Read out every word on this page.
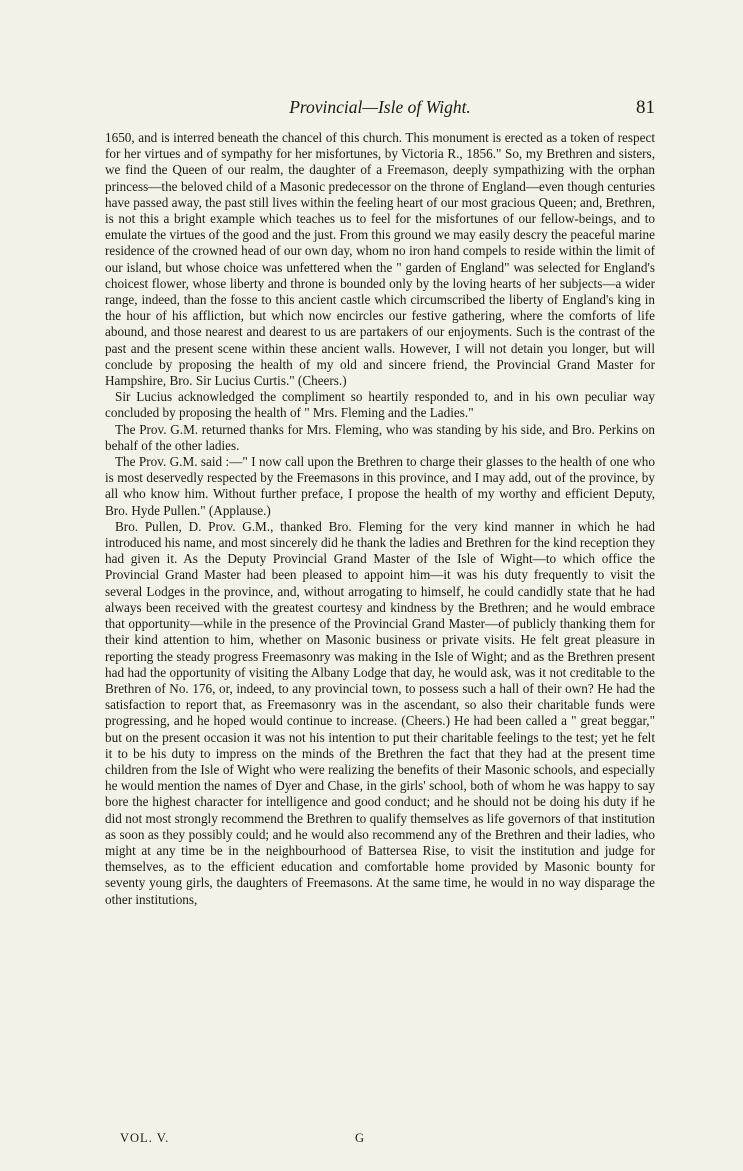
Provincial—Isle of Wight.	81

1650, and is interred beneath the chancel of this church. This monument is erected as a token of respect for her virtues and of sympathy for her misfortunes, by Victoria R., 1856." So, my Brethren and sisters, we find the Queen of our realm, the daughter of a Freemason, deeply sympathizing with the orphan princess—the beloved child of a Masonic predecessor on the throne of England—even though centuries have passed away, the past still lives within the feeling heart of our most gracious Queen; and, Brethren, is not this a bright example which teaches us to feel for the misfortunes of our fellow-beings, and to emulate the virtues of the good and the just. From this ground we may easily descry the peaceful marine residence of the crowned head of our own day, whom no iron hand compels to reside within the limit of our island, but whose choice was unfettered when the " garden of England" was selected for England's choicest flower, whose liberty and throne is bounded only by the loving hearts of her subjects—a wider range, indeed, than the fosse to this ancient castle which circumscribed the liberty of England's king in the hour of his affliction, but which now encircles our festive gathering, where the comforts of life abound, and those nearest and dearest to us are partakers of our enjoyments. Such is the contrast of the past and the present scene within these ancient walls. However, I will not detain you longer, but will conclude by proposing the health of my old and sincere friend, the Provincial Grand Master for Hampshire, Bro. Sir Lucius Curtis." (Cheers.)

Sir Lucius acknowledged the compliment so heartily responded to, and in his own peculiar way concluded by proposing the health of " Mrs. Fleming and the Ladies."

The Prov. G.M. returned thanks for Mrs. Fleming, who was standing by his side, and Bro. Perkins on behalf of the other ladies.

The Prov. G.M. said :—" I now call upon the Brethren to charge their glasses to the health of one who is most deservedly respected by the Freemasons in this province, and I may add, out of the province, by all who know him. Without further preface, I propose the health of my worthy and efficient Deputy, Bro. Hyde Pullen." (Applause.)

Bro. Pullen, D. Prov. G.M., thanked Bro. Fleming for the very kind manner in which he had introduced his name, and most sincerely did he thank the ladies and Brethren for the kind reception they had given it. As the Deputy Provincial Grand Master of the Isle of Wight—to which office the Provincial Grand Master had been pleased to appoint him—it was his duty frequently to visit the several Lodges in the province, and, without arrogating to himself, he could candidly state that he had always been received with the greatest courtesy and kindness by the Brethren; and he would embrace that opportunity—while in the presence of the Provincial Grand Master—of publicly thanking them for their kind attention to him, whether on Masonic business or private visits. He felt great pleasure in reporting the steady progress Freemasonry was making in the Isle of Wight; and as the Brethren present had had the opportunity of visiting the Albany Lodge that day, he would ask, was it not creditable to the Brethren of No. 176, or, indeed, to any provincial town, to possess such a hall of their own? He had the satisfaction to report that, as Freemasonry was in the ascendant, so also their charitable funds were progressing, and he hoped would continue to increase. (Cheers.) He had been called a " great beggar," but on the present occasion it was not his intention to put their charitable feelings to the test; yet he felt it to be his duty to impress on the minds of the Brethren the fact that they had at the present time children from the Isle of Wight who were realizing the benefits of their Masonic schools, and especially he would mention the names of Dyer and Chase, in the girls' school, both of whom he was happy to say bore the highest character for intelligence and good conduct; and he should not be doing his duty if he did not most strongly recommend the Brethren to qualify themselves as life governors of that institution as soon as they possibly could; and he would also recommend any of the Brethren and their ladies, who might at any time be in the neighbourhood of Battersea Rise, to visit the institution and judge for themselves, as to the efficient education and comfortable home provided by Masonic bounty for seventy young girls, the daughters of Freemasons. At the same time, he would in no way disparage the other institutions,

VOL. V.	G
